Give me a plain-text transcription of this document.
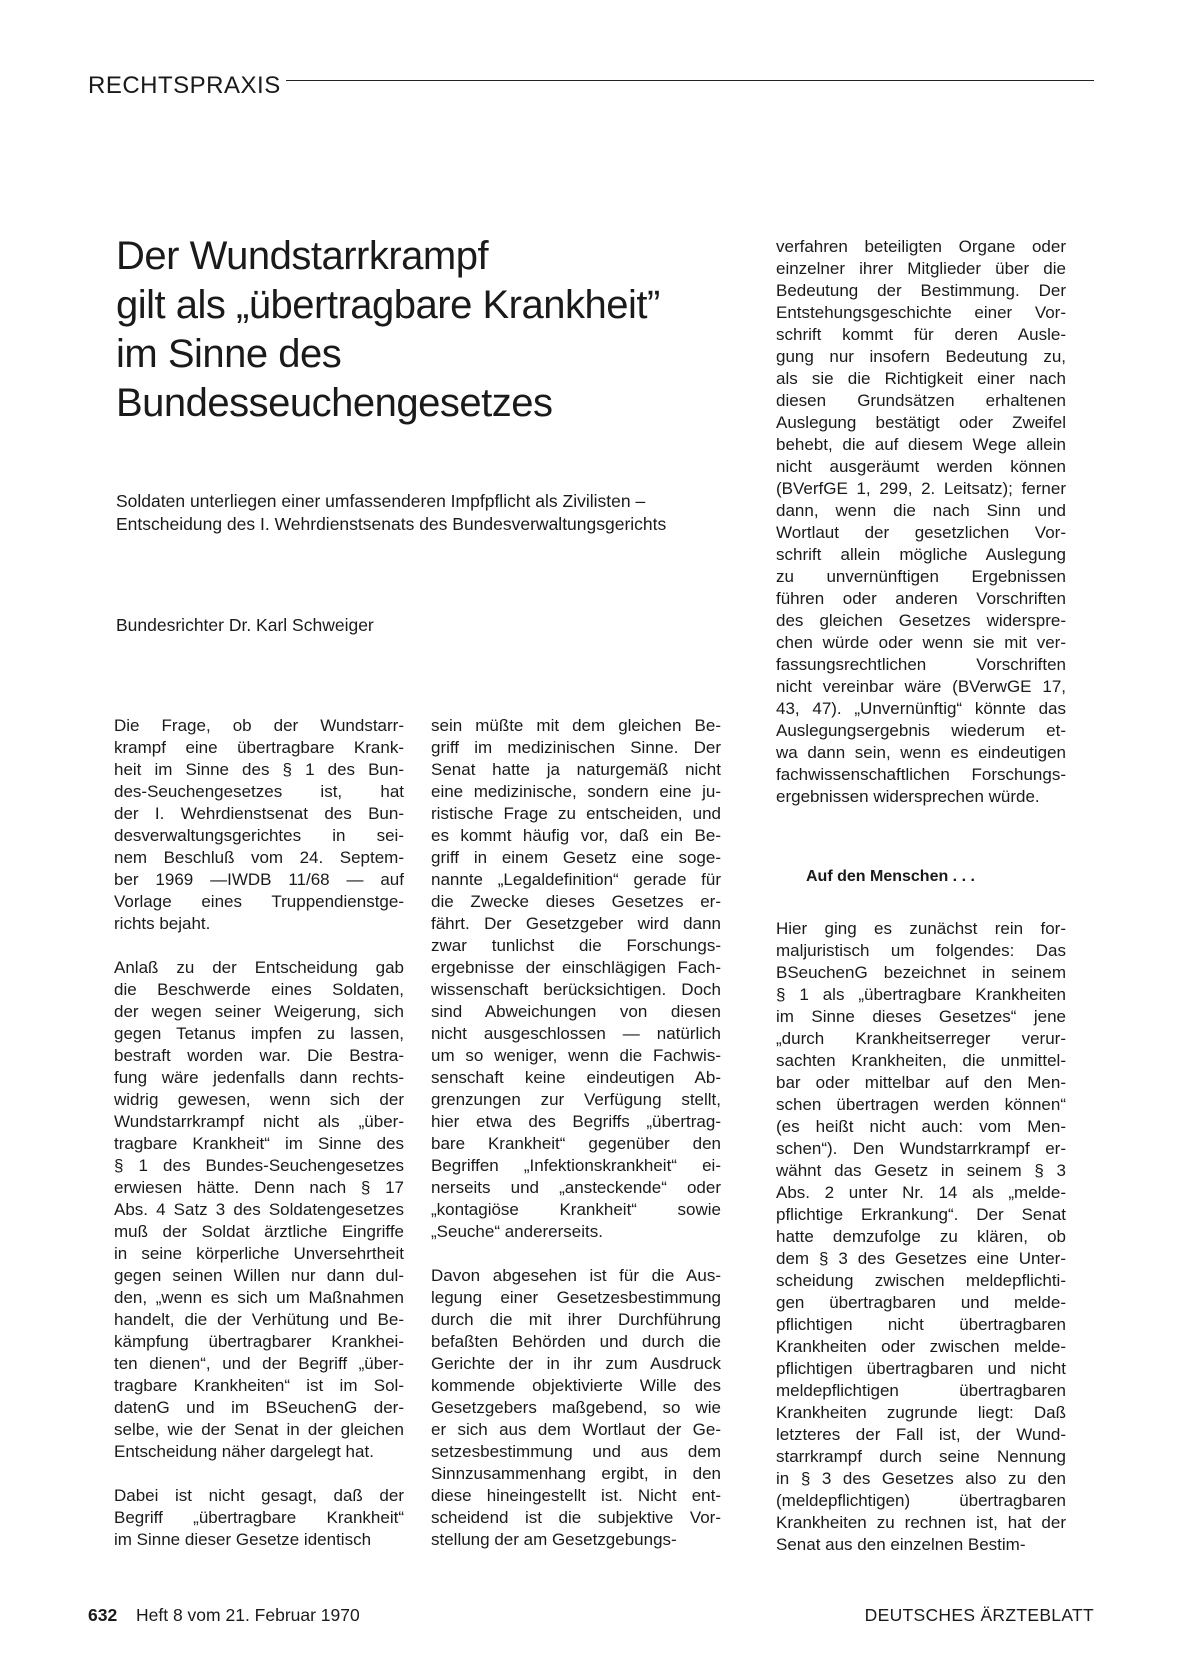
RECHTSPRAXIS
Der Wundstarrkrampf
gilt als „übertragbare Krankheit”
im Sinne des
Bundesseuchengesetzes
Soldaten unterliegen einer umfassenderen Impfpflicht als Zivilisten –
Entscheidung des I. Wehrdienstsenats des Bundesverwaltungsgerichts
Bundesrichter Dr. Karl Schweiger

Die Frage, ob der Wundstarr-
krampf eine übertragbare Krank-
heit im Sinne des § 1 des Bun-
des-Seuchengesetzes ist, hat
der I. Wehrdienstsenat des Bun-
desverwaltungsgerichtes in sei-
nem Beschluß vom 24. Septem-
ber 1969 —IWDB 11/68 — auf
Vorlage eines Truppendienstge-
richts bejaht.

Anlaß zu der Entscheidung gab
die Beschwerde eines Soldaten,
der wegen seiner Weigerung, sich
gegen Tetanus impfen zu lassen,
bestraft worden war. Die Bestra-
fung wäre jedenfalls dann rechts-
widrig gewesen, wenn sich der
Wundstarrkrampf nicht als „über-
tragbare Krankheit“ im Sinne des
§ 1 des Bundes-Seuchengesetzes
erwiesen hätte. Denn nach § 17
Abs. 4 Satz 3 des Soldatengesetzes
muß der Soldat ärztliche Eingriffe
in seine körperliche Unversehrtheit
gegen seinen Willen nur dann dul-
den, „wenn es sich um Maßnahmen
handelt, die der Verhütung und Be-
kämpfung übertragbarer Krankhei-
ten dienen“, und der Begriff „über-
tragbare Krankheiten“ ist im Sol-
datenG und im BSeuchenG der-
selbe, wie der Senat in der gleichen
Entscheidung näher dargelegt hat.

Dabei ist nicht gesagt, daß der
Begriff „übertragbare Krankheit“
im Sinne dieser Gesetze identisch

sein müßte mit dem gleichen Be-
griff im medizinischen Sinne. Der
Senat hatte ja naturgemäß nicht
eine medizinische, sondern eine ju-
ristische Frage zu entscheiden, und
es kommt häufig vor, daß ein Be-
griff in einem Gesetz eine soge-
nannte „Legaldefinition“ gerade für
die Zwecke dieses Gesetzes er-
fährt. Der Gesetzgeber wird dann
zwar tunlichst die Forschungs-
ergebnisse der einschlägigen Fach-
wissenschaft berücksichtigen. Doch
sind Abweichungen von diesen
nicht ausgeschlossen — natürlich
um so weniger, wenn die Fachwis-
senschaft keine eindeutigen Ab-
grenzungen zur Verfügung stellt,
hier etwa des Begriffs „übertrag-
bare Krankheit“ gegenüber den
Begriffen „Infektionskrankheit“ ei-
nerseits und „ansteckende“ oder
„kontagiöse Krankheit“ sowie
„Seuche“ andererseits.

Davon abgesehen ist für die Aus-
legung einer Gesetzesbestimmung
durch die mit ihrer Durchführung
befaßten Behörden und durch die
Gerichte der in ihr zum Ausdruck
kommende objektivierte Wille des
Gesetzgebers maßgebend, so wie
er sich aus dem Wortlaut der Ge-
setzesbestimmung und aus dem
Sinnzusammenhang ergibt, in den
diese hineingestellt ist. Nicht ent-
scheidend ist die subjektive Vor-
stellung der am Gesetzgebungs-

verfahren beteiligten Organe oder
einzelner ihrer Mitglieder über die
Bedeutung der Bestimmung. Der
Entstehungsgeschichte einer Vor-
schrift kommt für deren Ausle-
gung nur insofern Bedeutung zu,
als sie die Richtigkeit einer nach
diesen Grundsätzen erhaltenen
Auslegung bestätigt oder Zweifel
behebt, die auf diesem Wege allein
nicht ausgeräumt werden können
(BVerfGE 1, 299, 2. Leitsatz); ferner
dann, wenn die nach Sinn und
Wortlaut der gesetzlichen Vor-
schrift allein mögliche Auslegung
zu unvernünftigen Ergebnissen
führen oder anderen Vorschriften
des gleichen Gesetzes widerspre-
chen würde oder wenn sie mit ver-
fassungsrechtlichen Vorschriften
nicht vereinbar wäre (BVerwGE 17,
43, 47). „Unvernünftig“ könnte das
Auslegungsergebnis wiederum et-
wa dann sein, wenn es eindeutigen
fachwissenschaftlichen Forschungs-
ergebnissen widersprechen würde.

Hier ging es zunächst rein for-
maljuristisch um folgendes: Das
BSeuchenG bezeichnet in seinem
§ 1 als „übertragbare Krankheiten
im Sinne dieses Gesetzes“ jene
„durch Krankheitserreger verur-
sachten Krankheiten, die unmittel-
bar oder mittelbar auf den Men-
schen übertragen werden können“
(es heißt nicht auch: vom Men-
schen“). Den Wundstarrkrampf er-
wähnt das Gesetz in seinem § 3
Abs. 2 unter Nr. 14 als „melde-
pflichtige Erkrankung“. Der Senat
hatte demzufolge zu klären, ob
dem § 3 des Gesetzes eine Unter-
scheidung zwischen meldepflichti-
gen übertragbaren und melde-
pflichtigen nicht übertragbaren
Krankheiten oder zwischen melde-
pflichtigen übertragbaren und nicht
meldepflichtigen übertragbaren
Krankheiten zugrunde liegt: Daß
letzteres der Fall ist, der Wund-
starrkrampf durch seine Nennung
in § 3 des Gesetzes also zu den
(meldepflichtigen) übertragbaren
Krankheiten zu rechnen ist, hat der
Senat aus den einzelnen Bestim-

Auf den Menschen . . .
632 Heft 8 vom 21. Februar 1970	DEUTSCHES ÄRZTEBLATT
